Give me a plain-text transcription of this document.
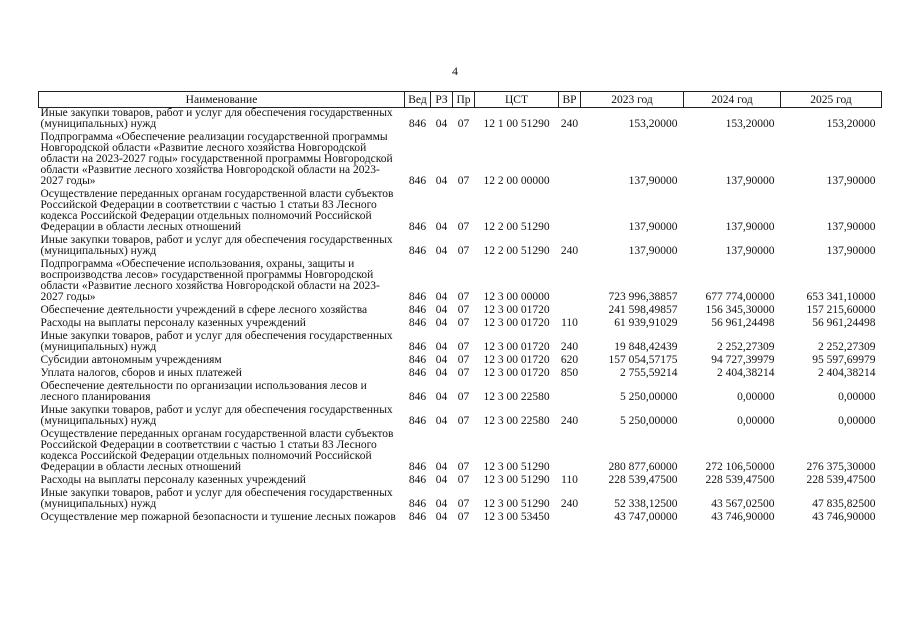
4
Наименование	Вед	РЗ	Пр	ЦСТ	ВР	2023 год	2024 год	2025 год
Иные закупки товаров, работ и услуг для обеспечения государственных (муниципальных) нужд	846	04	07	12 1 00 51290	240	153,20000	153,20000	153,20000
Подпрограмма «Обеспечение реализации государственной программы Новгородской области «Развитие лесного хозяйства Новгородской области на 2023-2027 годы» государственной программы Новгородской области «Развитие лесного хозяйства Новгородской области на 2023-2027 годы»	846	04	07	12 2 00 00000		137,90000	137,90000	137,90000
Осуществление переданных органам государственной власти субъектов Российской Федерации в соответствии с частью 1 статьи 83 Лесного кодекса Российской Федерации отдельных полномочий Российской Федерации в области лесных отношений	846	04	07	12 2 00 51290		137,90000	137,90000	137,90000
Иные закупки товаров, работ и услуг для обеспечения государственных (муниципальных) нужд	846	04	07	12 2 00 51290	240	137,90000	137,90000	137,90000
Подпрограмма «Обеспечение использования, охраны, защиты и воспроизводства лесов» государственной программы Новгородской области «Развитие лесного хозяйства Новгородской области на 2023-2027 годы»	846	04	07	12 3 00 00000		723 996,38857	677 774,00000	653 341,10000
Обеспечение деятельности учреждений в сфере лесного хозяйства	846	04	07	12 3 00 01720		241 598,49857	156 345,30000	157 215,60000
Расходы на выплаты персоналу казенных учреждений	846	04	07	12 3 00 01720	110	61 939,91029	56 961,24498	56 961,24498
Иные закупки товаров, работ и услуг для обеспечения государственных (муниципальных) нужд	846	04	07	12 3 00 01720	240	19 848,42439	2 252,27309	2 252,27309
Субсидии автономным учреждениям	846	04	07	12 3 00 01720	620	157 054,57175	94 727,39979	95 597,69979
Уплата налогов, сборов и иных платежей	846	04	07	12 3 00 01720	850	2 755,59214	2 404,38214	2 404,38214
Обеспечение деятельности по организации использования лесов и лесного планирования	846	04	07	12 3 00 22580		5 250,00000	0,00000	0,00000
Иные закупки товаров, работ и услуг для обеспечения государственных (муниципальных) нужд	846	04	07	12 3 00 22580	240	5 250,00000	0,00000	0,00000
Осуществление переданных органам государственной власти субъектов Российской Федерации в соответствии с частью 1 статьи 83 Лесного кодекса Российской Федерации отдельных полномочий Российской Федерации в области лесных отношений	846	04	07	12 3 00 51290		280 877,60000	272 106,50000	276 375,30000
Расходы на выплаты персоналу казенных учреждений	846	04	07	12 3 00 51290	110	228 539,47500	228 539,47500	228 539,47500
Иные закупки товаров, работ и услуг для обеспечения государственных (муниципальных) нужд	846	04	07	12 3 00 51290	240	52 338,12500	43 567,02500	47 835,82500
Осуществление мер пожарной безопасности и тушение лесных пожаров	846	04	07	12 3 00 53450		43 747,00000	43 746,90000	43 746,90000
